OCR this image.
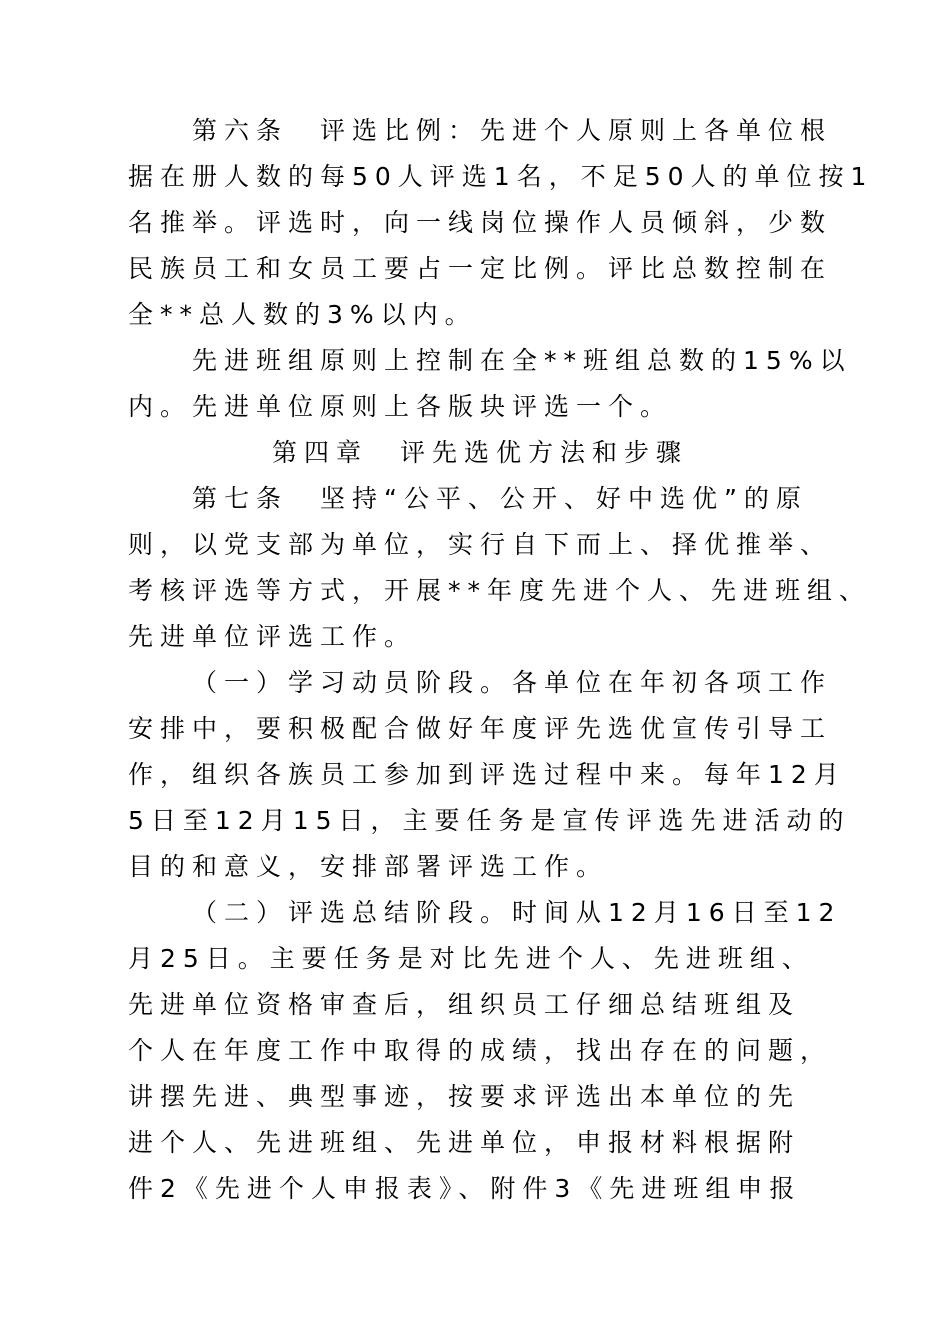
第六条　评选比例：先进个人原则上各单位根
据在册人数的每50人评选1名，不足50人的单位按1
名推举。评选时，向一线岗位操作人员倾斜，少数
民族员工和女员工要占一定比例。评比总数控制在
全**总人数的3%以内。
先进班组原则上控制在全**班组总数的15%以
内。先进单位原则上各版块评选一个。
第四章　评先选优方法和步骤
第七条　坚持“公平、公开、好中选优”的原
则，以党支部为单位，实行自下而上、择优推举、
考核评选等方式，开展**年度先进个人、先进班组、
先进单位评选工作。
（一）学习动员阶段。各单位在年初各项工作
安排中，要积极配合做好年度评先选优宣传引导工
作，组织各族员工参加到评选过程中来。每年12月
5日至12月15日，主要任务是宣传评选先进活动的
目的和意义，安排部署评选工作。
（二）评选总结阶段。时间从12月16日至12
月25日。主要任务是对比先进个人、先进班组、
先进单位资格审查后，组织员工仔细总结班组及
个人在年度工作中取得的成绩，找出存在的问题，
讲摆先进、典型事迹，按要求评选出本单位的先
进个人、先进班组、先进单位，申报材料根据附
件2《先进个人申报表》、附件3《先进班组申报
